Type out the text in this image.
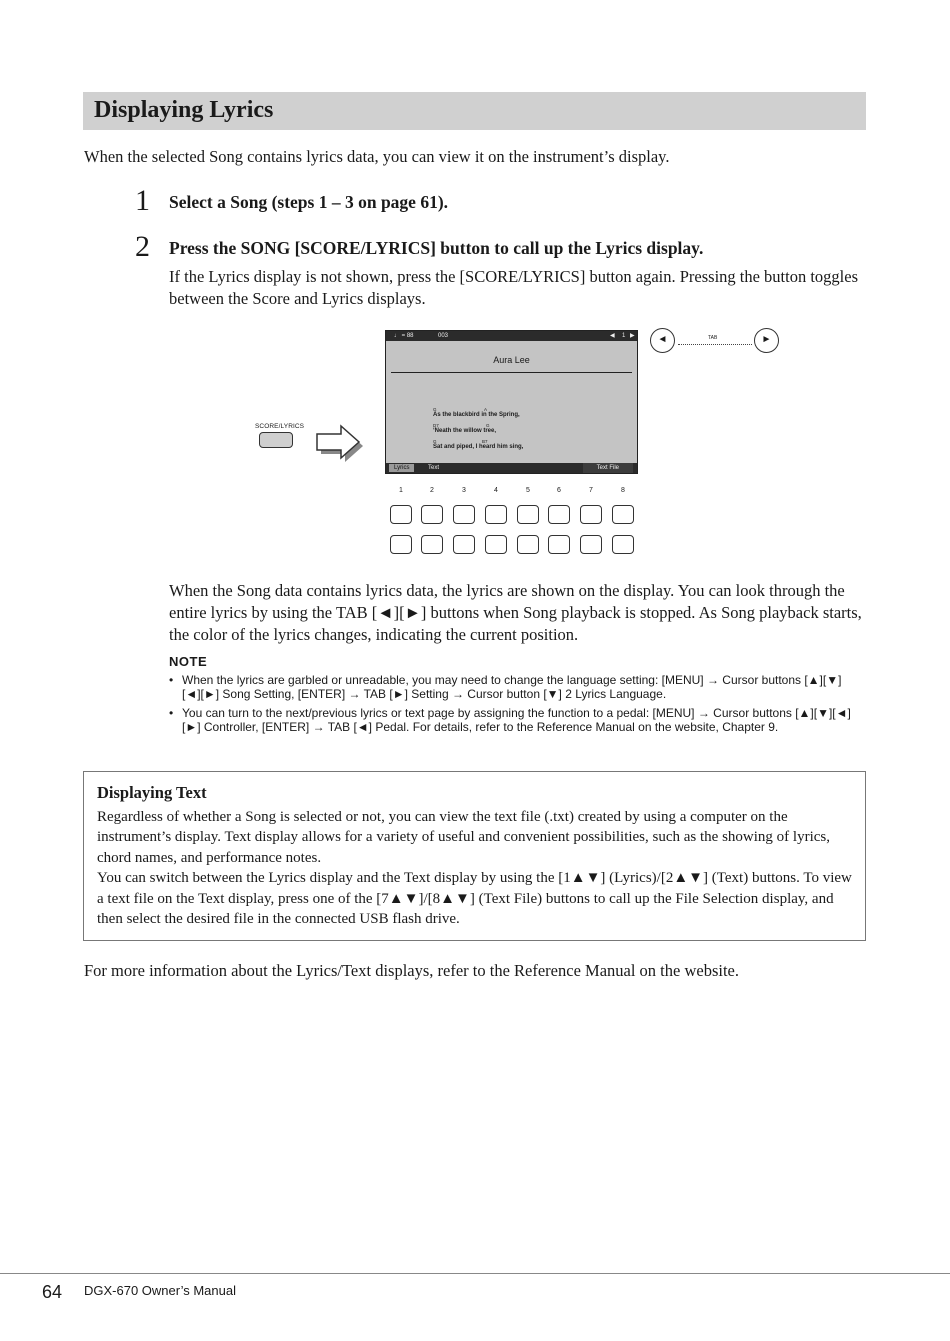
Displaying Lyrics
When the selected Song contains lyrics data, you can view it on the instrument’s display.
1 Select a Song (steps 1 – 3 on page 61).
2 Press the SONG [SCORE/LYRICS] button to call up the Lyrics display.
If the Lyrics display is not shown, press the [SCORE/LYRICS] button again. Pressing the button toggles between the Score and Lyrics displays.
SCORE/LYRICS
♩ = 88	003	◀ 1 ▶
Aura Lee
G	A
As the blackbird in the Spring,
D7	G
‘Neath the willow tree,
G	B7
Sat and piped, I heard him sing,
Lyrics	Text	Text File
◄	TAB	►
1	2	3	4	5	6	7	8
When the Song data contains lyrics data, the lyrics are shown on the display. You can look through the entire lyrics by using the TAB [◄][►] buttons when Song playback is stopped. As Song playback starts, the color of the lyrics changes, indicating the current position.
NOTE
• When the lyrics are garbled or unreadable, you may need to change the language setting: [MENU] → Cursor buttons [▲][▼][◄][►] Song Setting, [ENTER] → TAB [►] Setting → Cursor button [▼] 2 Lyrics Language.
• You can turn to the next/previous lyrics or text page by assigning the function to a pedal: [MENU] → Cursor buttons [▲][▼][◄][►] Controller, [ENTER] → TAB [◄] Pedal. For details, refer to the Reference Manual on the website, Chapter 9.
Displaying Text

Regardless of whether a Song is selected or not, you can view the text file (.txt) created by using a computer on the instrument’s display. Text display allows for a variety of useful and convenient possibilities, such as the showing of lyrics, chord names, and performance notes.

You can switch between the Lyrics display and the Text display by using the [1▲▼] (Lyrics)/[2▲▼] (Text) buttons. To view a text file on the Text display, press one of the [7▲▼]/[8▲▼] (Text File) buttons to call up the File Selection display, and then select the desired file in the connected USB flash drive.

For more information about the Lyrics/Text displays, refer to the Reference Manual on the website.
64 DGX-670 Owner’s Manual
